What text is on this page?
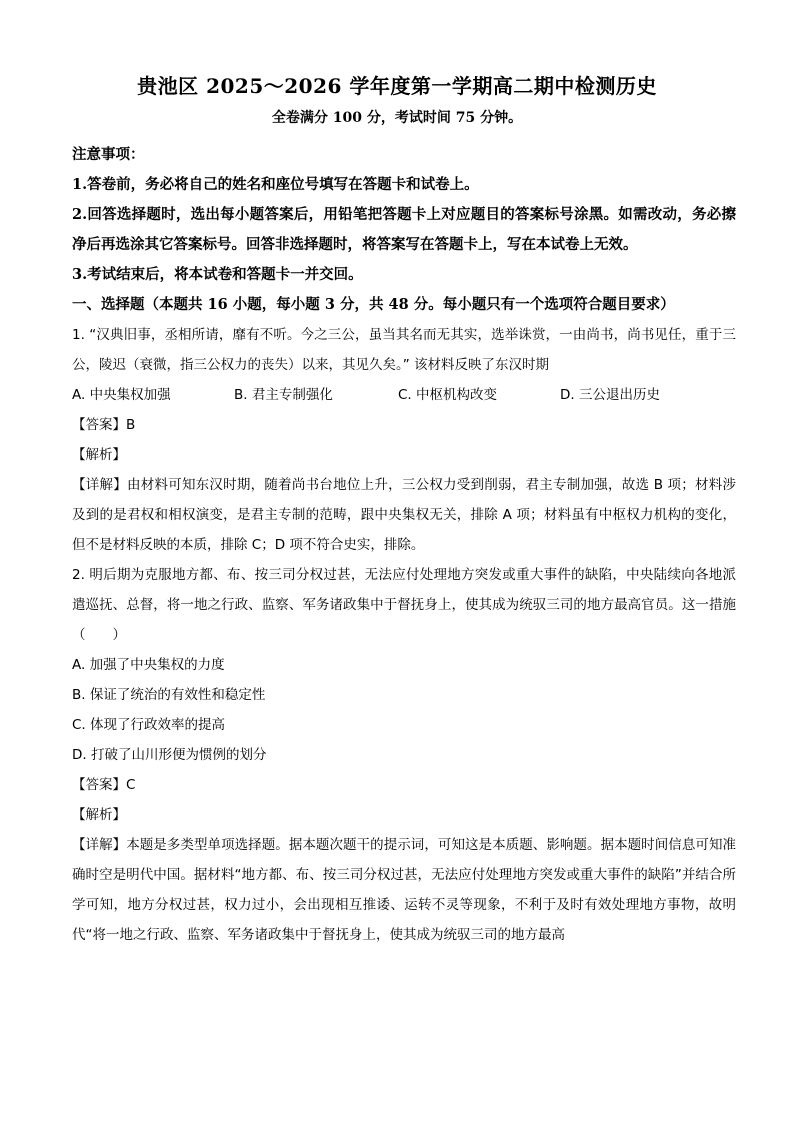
贵池区 2025～2026 学年度第一学期高二期中检测历史
全卷满分 100 分，考试时间 75 分钟。
注意事项：
1.答卷前，务必将自己的姓名和座位号填写在答题卡和试卷上。
2.回答选择题时，选出每小题答案后，用铅笔把答题卡上对应题目的答案标号涂黑。如需改动，务必擦净后再选涂其它答案标号。回答非选择题时，将答案写在答题卡上，写在本试卷上无效。
3.考试结束后，将本试卷和答题卡一并交回。
一、选择题（本题共 16 小题，每小题 3 分，共 48 分。每小题只有一个选项符合题目要求）
1. “汉典旧事，丞相所请，靡有不听。今之三公，虽当其名而无其实，选举诛赏，一由尚书，尚书见任，重于三公，陵迟（衰微，指三公权力的丧失）以来，其见久矣。” 该材料反映了东汉时期
A. 中央集权加强	B. 君主专制强化	C. 中枢机构改变	D. 三公退出历史
【答案】B
【解析】
【详解】由材料可知东汉时期，随着尚书台地位上升，三公权力受到削弱，君主专制加强，故选 B 项；材料涉及到的是君权和相权演变，是君主专制的范畴，跟中央集权无关，排除 A 项；材料虽有中枢权力机构的变化，但不是材料反映的本质，排除 C；D 项不符合史实，排除。
2. 明后期为克服地方都、布、按三司分权过甚，无法应付处理地方突发或重大事件的缺陷，中央陆续向各地派遣巡抚、总督，将一地之行政、监察、军务诸政集中于督抚身上，使其成为统驭三司的地方最高官员。这一措施（　　）
A. 加强了中央集权的力度
B. 保证了统治的有效性和稳定性
C. 体现了行政效率的提高
D. 打破了山川形便为惯例的划分
【答案】C
【解析】
【详解】本题是多类型单项选择题。据本题次题干的提示词，可知这是本质题、影响题。据本题时间信息可知准确时空是明代中国。据材料“地方都、布、按三司分权过甚，无法应付处理地方突发或重大事件的缺陷”并结合所学可知，地方分权过甚，权力过小，会出现相互推诿、运转不灵等现象，不利于及时有效处理地方事物，故明代“将一地之行政、监察、军务诸政集中于督抚身上，使其成为统驭三司的地方最高
